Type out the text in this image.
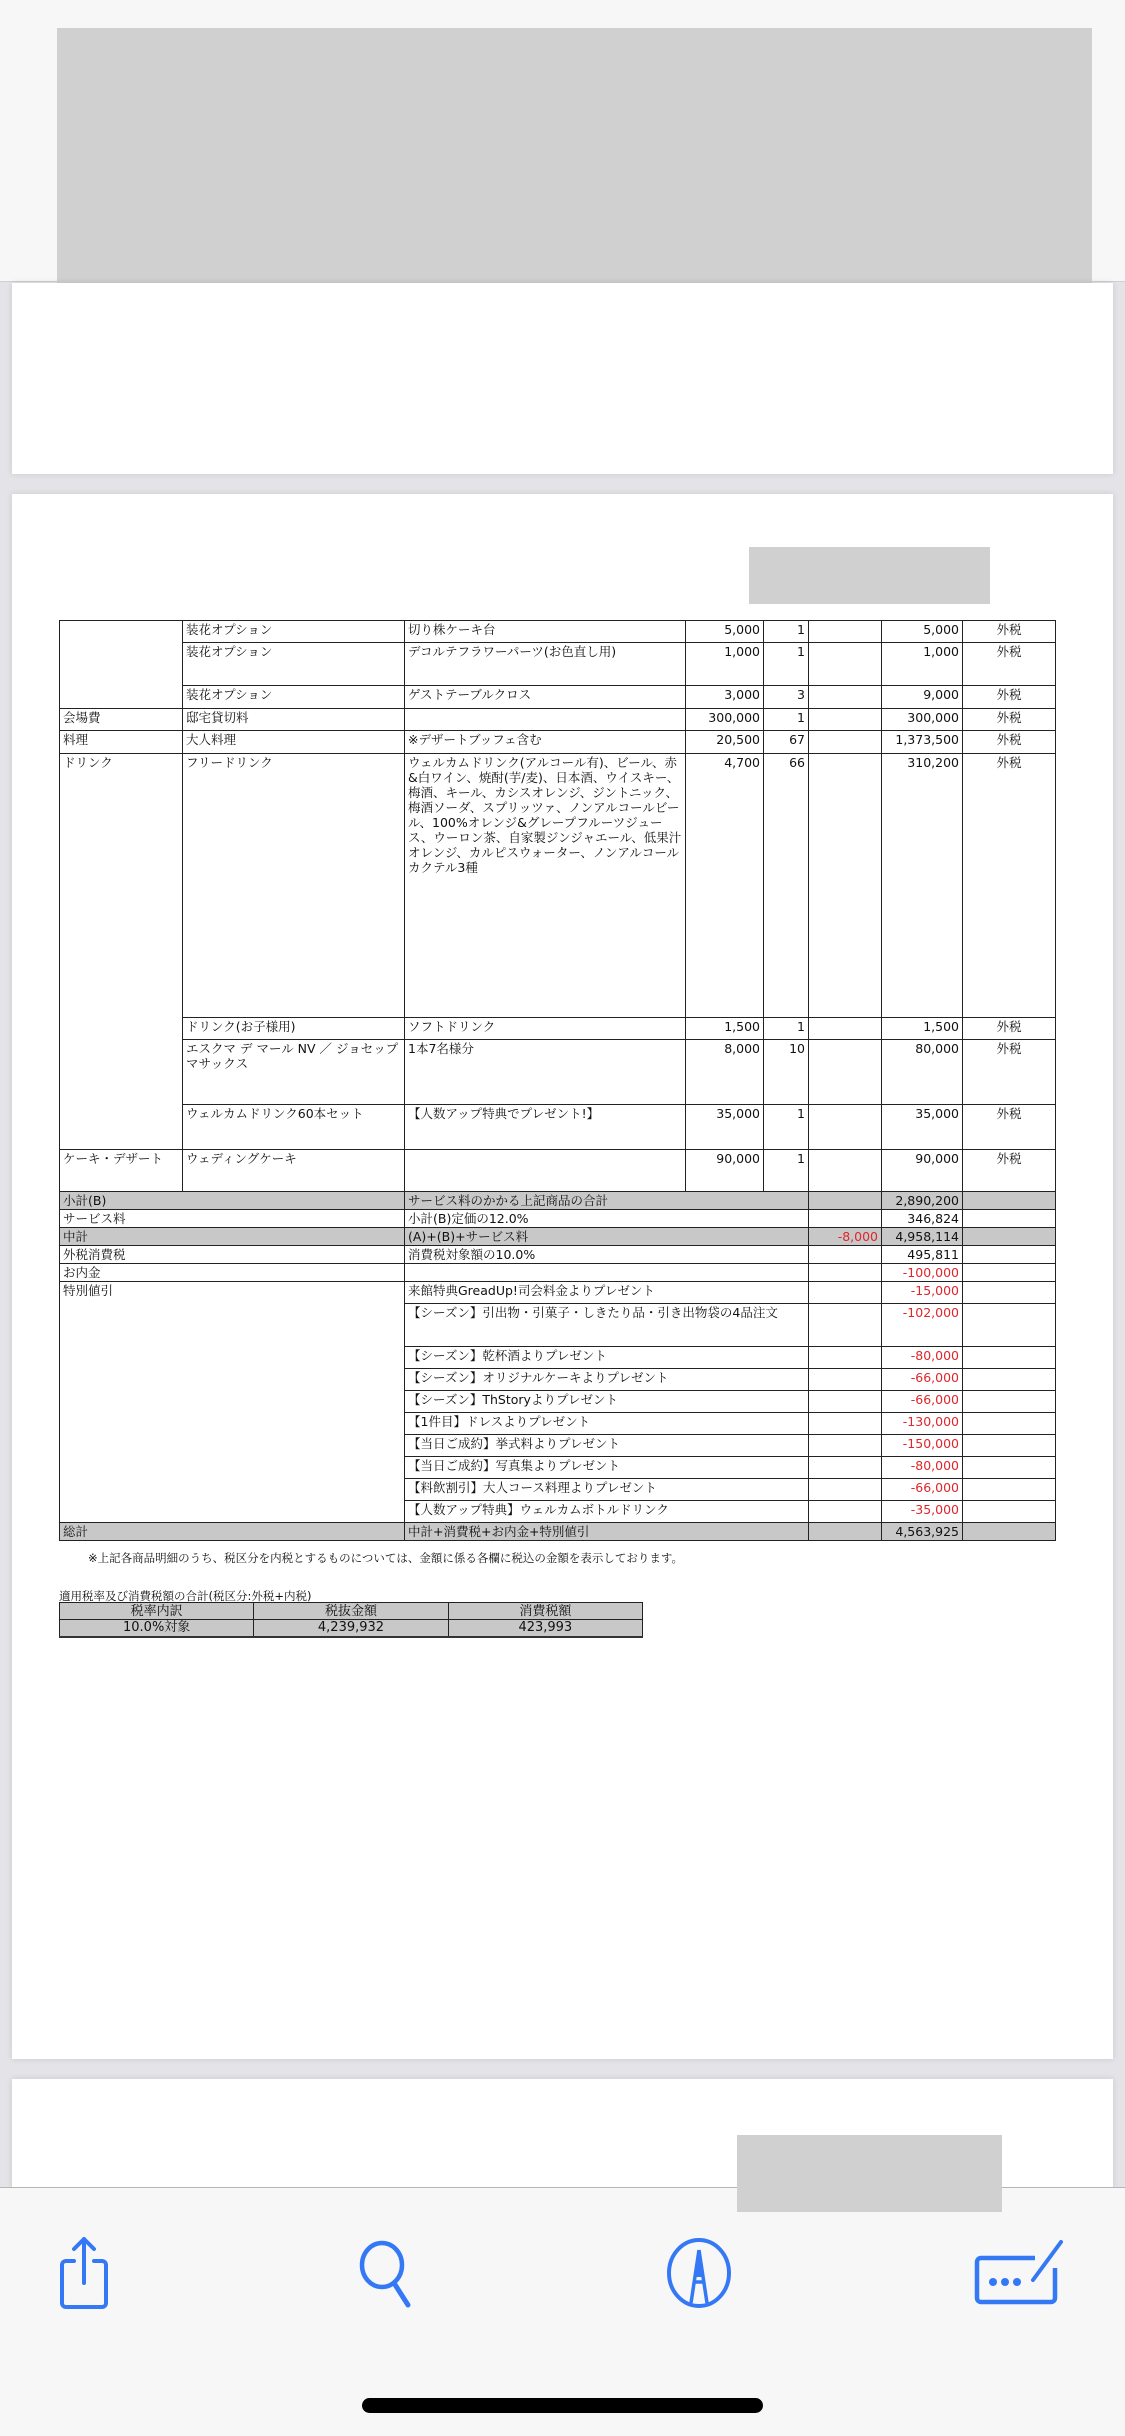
	装花オプション	切り株ケーキ台	5,000	1		5,000	外税
	装花オプション	デコルテフラワーパーツ(お色直し用)	1,000	1		1,000	外税
	装花オプション	ゲストテーブルクロス	3,000	3		9,000	外税
会場費	邸宅貸切料		300,000	1		300,000	外税
料理	大人料理	※デザートブッフェ含む	20,500	67		1,373,500	外税
ドリンク	フリードリンク	ウェルカムドリンク(アルコール有)、ビール、赤&白ワイン、焼酎(芋/麦)、日本酒、ウイスキー、梅酒、キール、カシスオレンジ、ジントニック、梅酒ソーダ、スプリッツァ、ノンアルコールビール、100%オレンジ&グレープフルーツジュース、ウーロン茶、自家製ジンジャエール、低果汁オレンジ、カルピスウォーター、ノンアルコールカクテル3種	4,700	66		310,200	外税
	ドリンク(お子様用)	ソフトドリンク	1,500	1		1,500	外税
	エスクマ デ マール NV ／ ジョセップ マサックス	1本7名様分	8,000	10		80,000	外税
	ウェルカムドリンク60本セット	【人数アップ特典でプレゼント!】	35,000	1		35,000	外税
ケーキ・デザート	ウェディングケーキ		90,000	1		90,000	外税
小計(B)		サービス料のかかる上記商品の合計				2,890,200	
サービス料		小計(B)定価の12.0%				346,824	
中計		(A)+(B)+サービス料			-8,000	4,958,114	
外税消費税		消費税対象額の10.0%				495,811	
お内金						-100,000	
特別値引		来館特典GreadUp!司会料金よりプレゼント				-15,000	
		【シーズン】引出物・引菓子・しきたり品・引き出物袋の4品注文				-102,000	
		【シーズン】乾杯酒よりプレゼント				-80,000	
		【シーズン】オリジナルケーキよりプレゼント				-66,000	
		【シーズン】ThStoryよりプレゼント				-66,000	
		【1件目】ドレスよりプレゼント				-130,000	
		【当日ご成約】挙式料よりプレゼント				-150,000	
		【当日ご成約】写真集よりプレゼント				-80,000	
		【料飲割引】大人コース料理よりプレゼント				-66,000	
		【人数アップ特典】ウェルカムボトルドリンク				-35,000	
総計		中計+消費税+お内金+特別値引				4,563,925	
※上記各商品明細のうち、税区分を内税とするものについては、金額に係る各欄に税込の金額を表示しております。
適用税率及び消費税額の合計(税区分:外税+内税)
税率内訳	税抜金額	消費税額
10.0%対象	4,239,932	423,993
